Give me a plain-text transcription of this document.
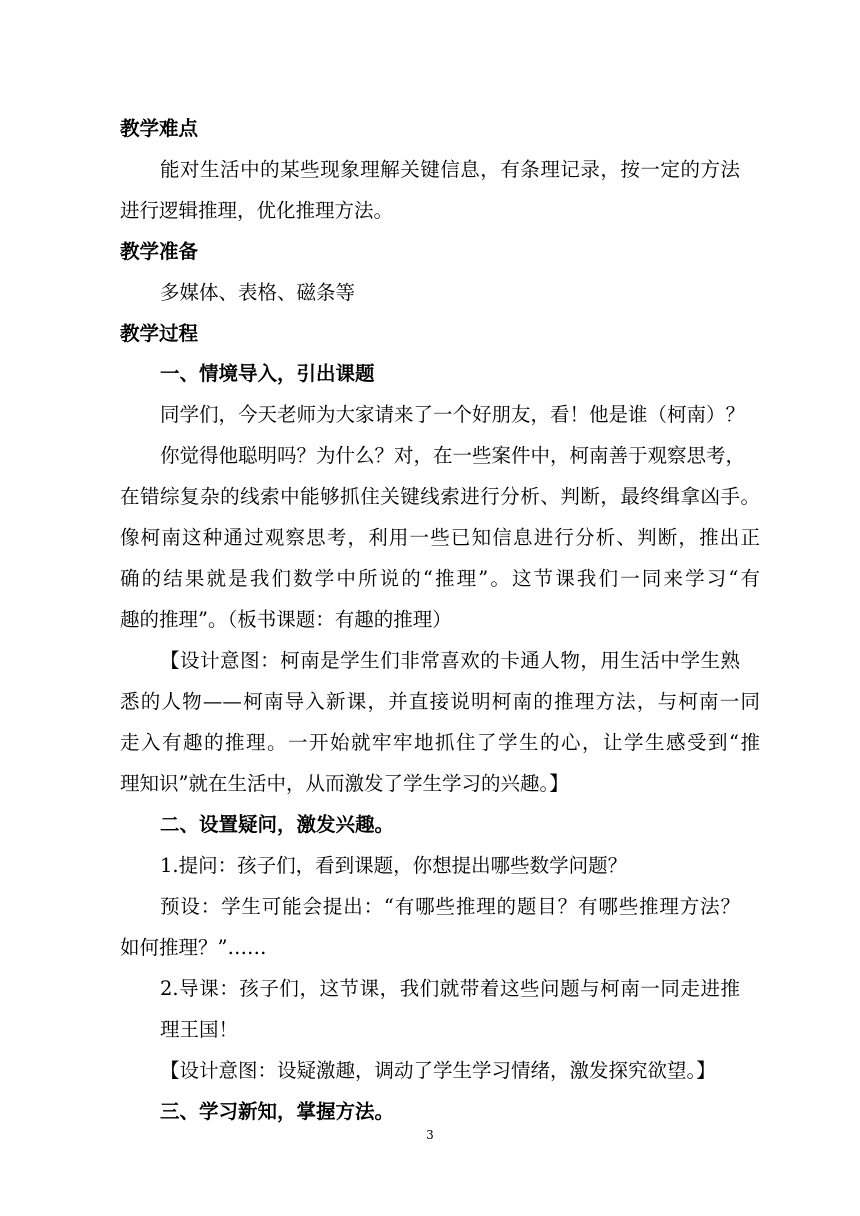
教学难点
能对生活中的某些现象理解关键信息，有条理记录，按一定的方法
进行逻辑推理，优化推理方法。
教学准备
多媒体、表格、磁条等
教学过程
一、情境导入，引出课题
同学们，今天老师为大家请来了一个好朋友，看！他是谁（柯南）？
你觉得他聪明吗？为什么？对，在一些案件中，柯南善于观察思考，
在错综复杂的线索中能够抓住关键线索进行分析、判断，最终缉拿凶手。
像柯南这种通过观察思考，利用一些已知信息进行分析、判断，推出正
确的结果就是我们数学中所说的“推理”。这节课我们一同来学习“有
趣的推理”。（板书课题：有趣的推理）
【设计意图：柯南是学生们非常喜欢的卡通人物，用生活中学生熟
悉的人物——柯南导入新课，并直接说明柯南的推理方法，与柯南一同
走入有趣的推理。一开始就牢牢地抓住了学生的心，让学生感受到“推
理知识”就在生活中，从而激发了学生学习的兴趣。】
二、设置疑问，激发兴趣。
1.提问：孩子们，看到课题，你想提出哪些数学问题？
预设：学生可能会提出：“有哪些推理的题目？有哪些推理方法？
如何推理？”……
2.导课：孩子们，这节课，我们就带着这些问题与柯南一同走进推
理王国！
【设计意图：设疑激趣，调动了学生学习情绪，激发探究欲望。】
三、学习新知，掌握方法。
3
